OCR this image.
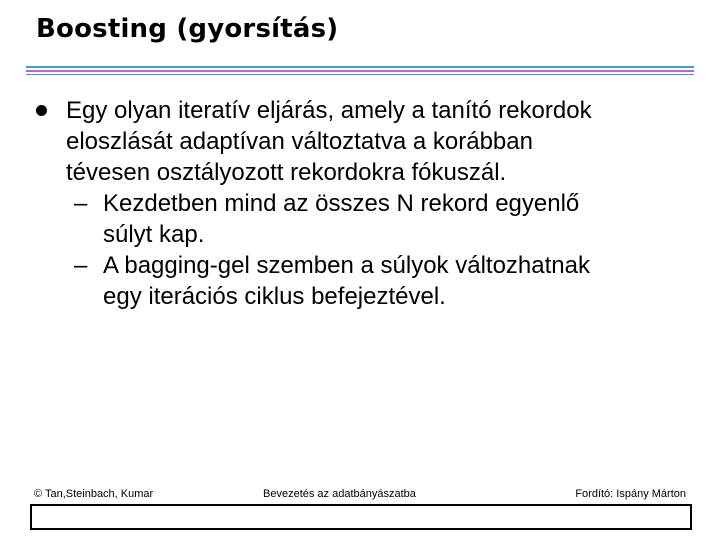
Boosting (gyorsítás)
Egy olyan iteratív eljárás, amely a tanító rekordok
eloszlását adaptívan változtatva a korábban
tévesen osztályozott rekordokra fókuszál.
– Kezdetben mind az összes N rekord egyenlő
súlyt kap.
– A bagging-gel szemben a súlyok változhatnak
egy iterációs ciklus befejeztével.
© Tan,Steinbach, Kumar	Bevezetés az adatbányászatba	Fordító: Ispány Márton
